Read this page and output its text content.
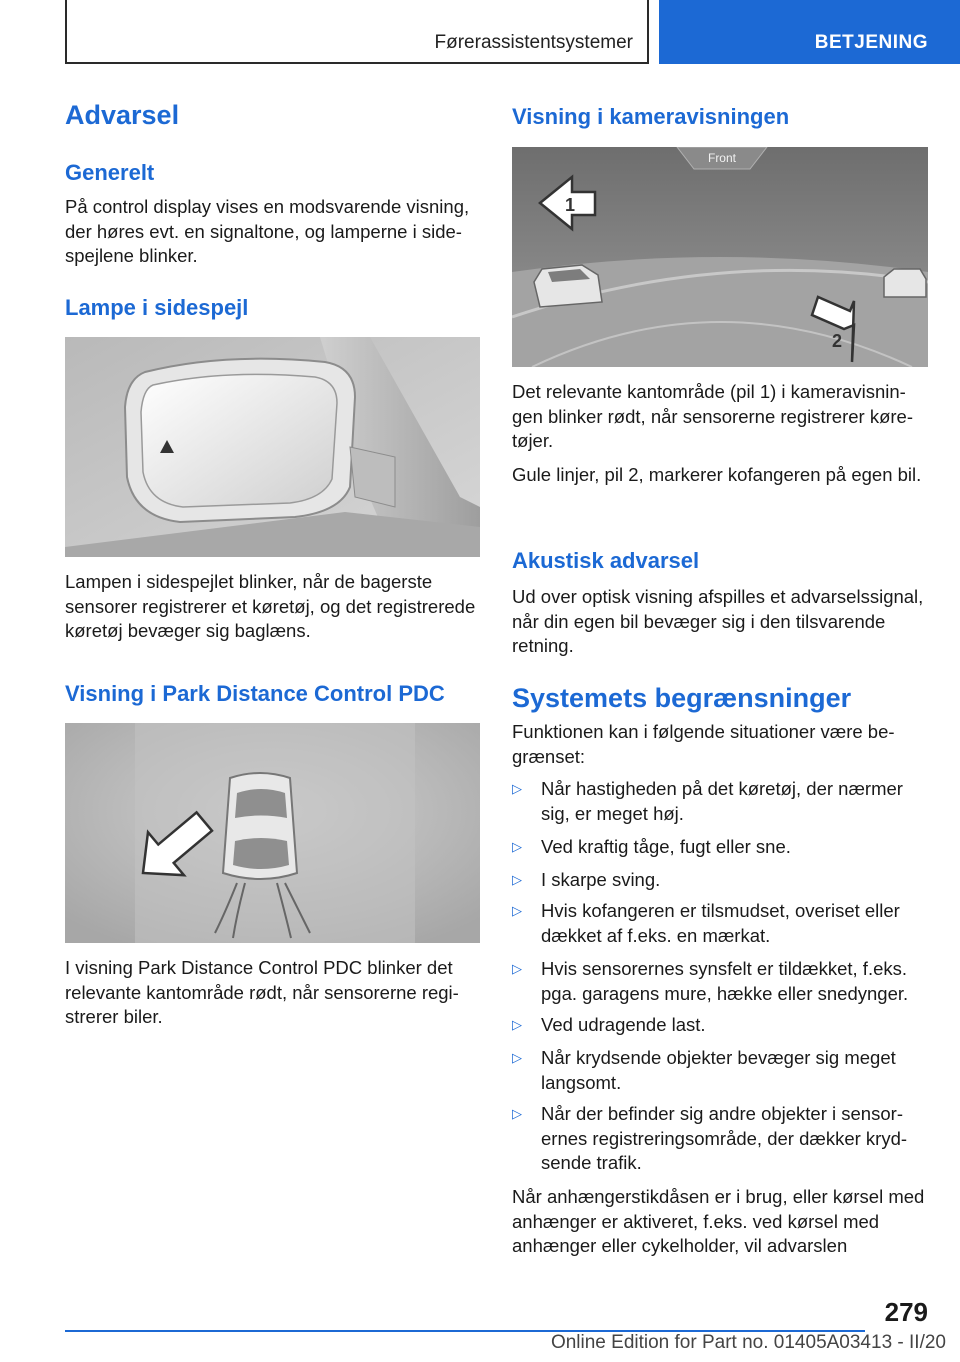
Førerassistentsystemer	BETJENING
Advarsel
Generelt

På control display vises en modsvarende visning, der høres evt. en signaltone, og lamperne i sidespejlene blinker.

Lampe i sidespejl

Lampen i sidespejlet blinker, når de bagerste sensorer registrerer et køretøj, og det registrerede køretøj bevæger sig baglæns.

Visning i Park Distance Control PDC

I visning Park Distance Control PDC blinker det relevante kantområde rødt, når sensorerne registrerer biler.

Visning i kameravisningen
Front
1
2

Det relevante kantområde (pil 1) i kameravisningen blinker rødt, når sensorerne registrerer køretøjer.

Gule linjer, pil 2, markerer kofangeren på egen bil.

Akustisk advarsel

Ud over optisk visning afspilles et advarselssignal, når din egen bil bevæger sig i den tilsvarende retning.

Systemets begrænsninger

Funktionen kan i følgende situationer være begrænset:

▷	Når hastigheden på det køretøj, der nærmer sig, er meget høj.
▷	Ved kraftig tåge, fugt eller sne.
▷	I skarpe sving.
▷	Hvis kofangeren er tilsmudset, overiset eller dækket af f.eks. en mærkat.
▷	Hvis sensorernes synsfelt er tildækket, f.eks. pga. garagens mure, hække eller snedynger.
▷	Ved udragende last.
▷	Når krydsende objekter bevæger sig meget langsomt.
▷	Når der befinder sig andre objekter i sensorernes registreringsområde, der dækker krydsende trafik.

Når anhængerstikdåsen er i brug, eller kørsel med anhænger er aktiveret, f.eks. ved kørsel med anhænger eller cykelholder, vil advarslen

279
Online Edition for Part no. 01405A03413 - II/20
